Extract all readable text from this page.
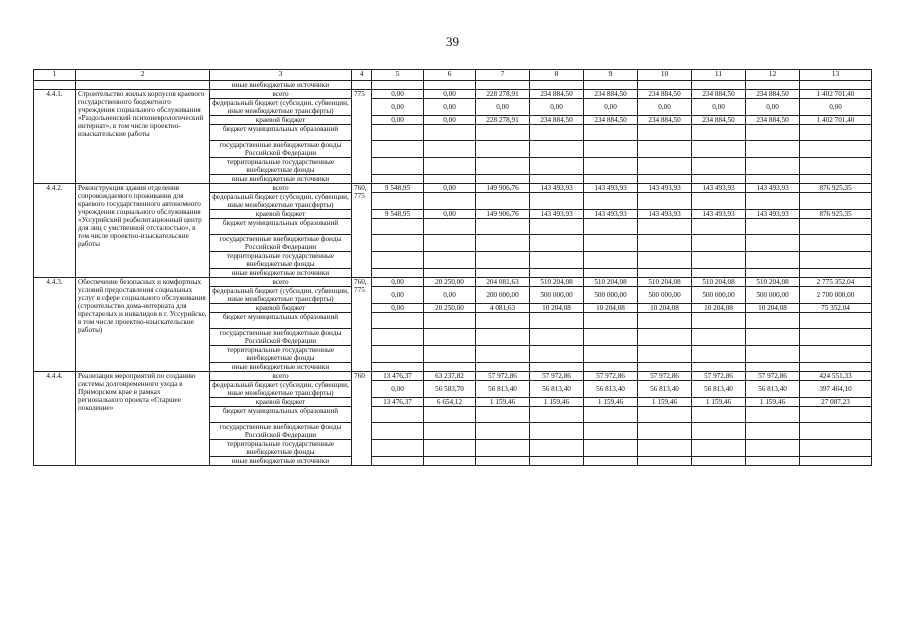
39
1	2	3	4	5	6	7	8	9	10	11	12	13
		иные внебюджетные источники										
4.4.1.	Строительство жилых корпусов краевого государственного бюджетного учреждения социального обслуживания «Раздольненский психоневрологический интернат», в том числе проектно-изыскательские работы	всего	775	0,00	0,00	228 278,91	234 884,50	234 884,50	234 884,50	234 884,50	234 884,50	1 402 701,40
		федеральный бюджет (субсидии, субвенции, иные межбюджетные трансферты)		0,00	0,00	0,00	0,00	0,00	0,00	0,00	0,00	0,00
		краевой бюджет		0,00	0,00	228 278,91	234 884,50	234 884,50	234 884,50	234 884,50	234 884,50	1 402 701,40
		бюджет муниципальных образований										
		государственные внебюджетные фонды Российской Федерации										
		территориальные государственные внебюджетные фонды										
		иные внебюджетные источники										
4.4.2.	Реконструкция здания отделения сопровождаемого проживания для краевого государственного автономного учреждения социального обслуживания «Уссурийский реабилитационный центр для лиц с умственной отсталостью», в том числе проектно-изыскательские работы	всего	760, 775	9 548,95	0,00	149 906,76	143 493,93	143 493,93	143 493,93	143 493,93	143 493,93	876 925,35
		федеральный бюджет (субсидии, субвенции, иные межбюджетные трансферты)										
		краевой бюджет		9 548,95	0,00	149 906,76	143 493,93	143 493,93	143 493,93	143 493,93	143 493,93	876 925,35
		бюджет муниципальных образований										
		государственные внебюджетные фонды Российской Федерации										
		территориальные государственные внебюджетные фонды										
		иные внебюджетные источники										
4.4.3.	Обеспечение безопасных и комфортных условий предоставления социальных услуг в сфере социального обслуживания (строительство дома-интерната для престарелых и инвалидов в г. Уссурийске, в том числе проектно-изыскательские работы)	всего	760, 775	0,00	20 250,00	204 081,63	510 204,08	510 204,08	510 204,08	510 204,08	510 204,08	2 775 352,04
		федеральный бюджет (субсидии, субвенции, иные межбюджетные трансферты)		0,00	0,00	200 000,00	500 000,00	500 000,00	500 000,00	500 000,00	500 000,00	2 700 000,00
		краевой бюджет		0,00	20 250,00	4 081,63	10 204,08	10 204,08	10 204,08	10 204,08	10 204,08	75 352,04
		бюджет муниципальных образований										
		государственные внебюджетные фонды Российской Федерации										
		территориальные государственные внебюджетные фонды										
		иные внебюджетные источники										
4.4.4.	Реализация мероприятий по созданию системы долговременного ухода в Приморском крае в рамках регионального проекта «Старшее поколение»	всего	760	13 476,37	63 237,82	57 972,86	57 972,86	57 972,86	57 972,86	57 972,86	57 972,86	424 551,33
		федеральный бюджет (субсидии, субвенции, иные межбюджетные трансферты)		0,00	56 583,70	56 813,40	56 813,40	56 813,40	56 813,40	56 813,40	56 813,40	397 464,10
		краевой бюджет		13 476,37	6 654,12	1 159,46	1 159,46	1 159,46	1 159,46	1 159,46	1 159,46	27 087,23
		бюджет муниципальных образований										
		государственные внебюджетные фонды Российской Федерации										
		территориальные государственные внебюджетные фонды										
		иные внебюджетные источники										
